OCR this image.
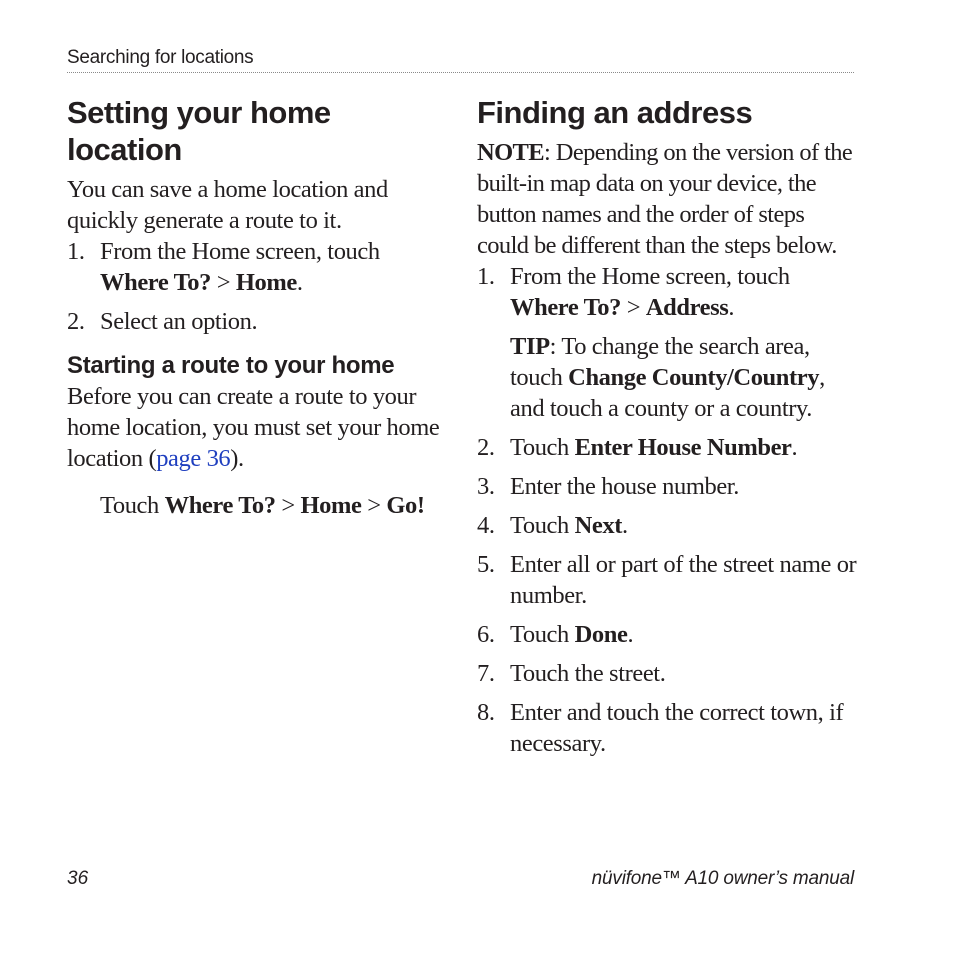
Searching for locations
Setting your home location

You can save a home location and quickly generate a route to it.

1. From the Home screen, touch Where To? > Home.
2. Select an option.
Starting a route to your home

Before you can create a route to your home location, you must set your home location (page 36).

Touch Where To? > Home > Go!

Finding an address

NOTE: Depending on the version of the built-in map data on your device, the button names and the order of steps could be different than the steps below.

1. From the Home screen, touch Where To? > Address.
TIP: To change the search area, touch Change County/Country, and touch a county or a country.
2. Touch Enter House Number.
3. Enter the house number.
4. Touch Next.
5. Enter all or part of the street name or number.
6. Touch Done.
7. Touch the street.
8. Enter and touch the correct town, if necessary.
36	nüvifone™ A10 owner’s manual
